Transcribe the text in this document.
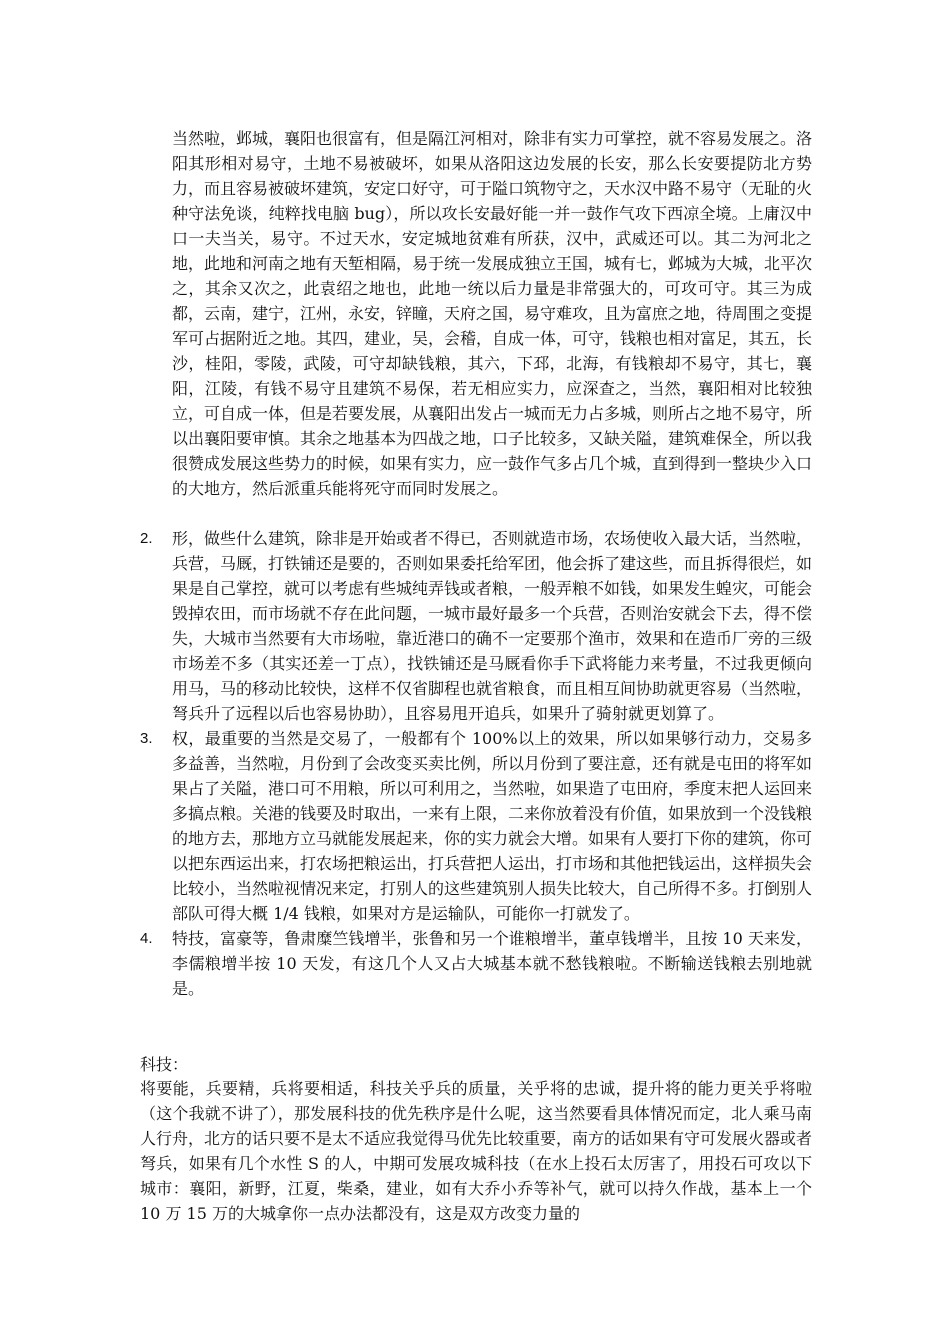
当然啦，邺城，襄阳也很富有，但是隔江河相对，除非有实力可掌控，就不容易发展之。洛阳其形相对易守，土地不易被破坏，如果从洛阳这边发展的长安，那么长安要提防北方势力，而且容易被破坏建筑，安定口好守，可于隘口筑物守之，天水汉中路不易守（无耻的火种守法免谈，纯粹找电脑 bug），所以攻长安最好能一并一鼓作气攻下西凉全境。上庸汉中口一夫当关，易守。不过天水，安定城地贫难有所获，汉中，武威还可以。其二为河北之地，此地和河南之地有天堑相隔，易于统一发展成独立王国，城有七，邺城为大城，北平次之，其余又次之，此袁绍之地也，此地一统以后力量是非常强大的，可攻可守。其三为成都，云南，建宁，江州，永安，锌瞳，天府之国，易守难攻，且为富庶之地，待周围之变提军可占据附近之地。其四，建业，吴，会稽，自成一体，可守，钱粮也相对富足，其五，长沙，桂阳，零陵，武陵，可守却缺钱粮，其六，下邳，北海，有钱粮却不易守，其七，襄阳，江陵，有钱不易守且建筑不易保，若无相应实力，应深查之，当然，襄阳相对比较独立，可自成一体，但是若要发展，从襄阳出发占一城而无力占多城，则所占之地不易守，所以出襄阳要审慎。其余之地基本为四战之地，口子比较多，又缺关隘，建筑难保全，所以我很赞成发展这些势力的时候，如果有实力，应一鼓作气多占几个城，直到得到一整块少入口的大地方，然后派重兵能将死守而同时发展之。
2. 形，做些什么建筑，除非是开始或者不得已，否则就造市场，农场使收入最大话，当然啦，兵营，马厩，打铁铺还是要的，否则如果委托给军团，他会拆了建这些，而且拆得很烂，如果是自己掌控，就可以考虑有些城纯弄钱或者粮，一般弄粮不如钱，如果发生蝗灾，可能会毁掉农田，而市场就不存在此问题，一城市最好最多一个兵营，否则治安就会下去，得不偿失，大城市当然要有大市场啦，靠近港口的确不一定要那个渔市，效果和在造币厂旁的三级市场差不多（其实还差一丁点），找铁铺还是马厩看你手下武将能力来考量，不过我更倾向用马，马的移动比较快，这样不仅省脚程也就省粮食，而且相互间协助就更容易（当然啦，弩兵升了远程以后也容易协助），且容易甩开追兵，如果升了骑射就更划算了。
3. 权，最重要的当然是交易了，一般都有个 100%以上的效果，所以如果够行动力，交易多多益善，当然啦，月份到了会改变买卖比例，所以月份到了要注意，还有就是屯田的将军如果占了关隘，港口可不用粮，所以可利用之，当然啦，如果造了屯田府，季度末把人运回来多搞点粮。关港的钱要及时取出，一来有上限，二来你放着没有价值，如果放到一个没钱粮的地方去，那地方立马就能发展起来，你的实力就会大增。如果有人要打下你的建筑，你可以把东西运出来，打农场把粮运出，打兵营把人运出，打市场和其他把钱运出，这样损失会比较小，当然啦视情况来定，打别人的这些建筑别人损失比较大，自己所得不多。打倒别人部队可得大概 1/4 钱粮，如果对方是运输队，可能你一打就发了。
4. 特技，富豪等，鲁肃糜竺钱增半，张鲁和另一个谁粮增半，董卓钱增半，且按 10 天来发，李儒粮增半按 10 天发，有这几个人又占大城基本就不愁钱粮啦。不断输送钱粮去别地就是。
科技：
将要能，兵要精，兵将要相适，科技关乎兵的质量，关乎将的忠诚，提升将的能力更关乎将啦（这个我就不讲了），那发展科技的优先秩序是什么呢，这当然要看具体情况而定，北人乘马南人行舟，北方的话只要不是太不适应我觉得马优先比较重要，南方的话如果有守可发展火器或者弩兵，如果有几个水性 S 的人，中期可发展攻城科技（在水上投石太厉害了，用投石可攻以下城市：襄阳，新野，江夏，柴桑，建业，如有大乔小乔等补气，就可以持久作战，基本上一个 10 万 15 万的大城拿你一点办法都没有，这是双方改变力量的
